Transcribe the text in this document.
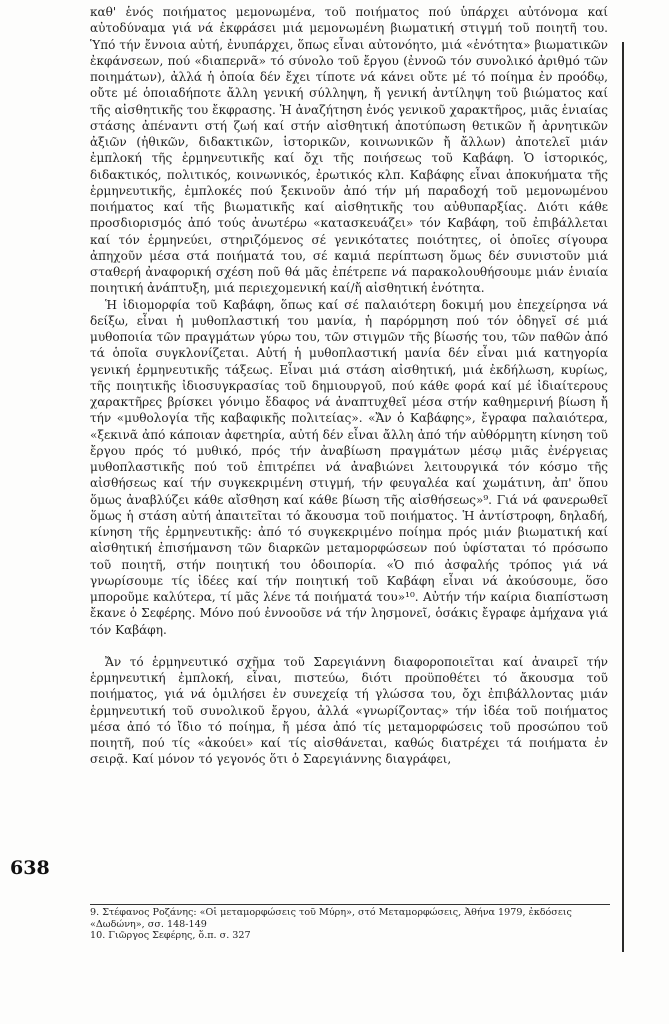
καθ' ἑνός ποιήματος μεμονωμένα, τοῦ ποιήματος πού ὑπάρχει αὐτόνομα καί αὐτοδύναμα γιά νά ἐκφράσει μιά μεμονωμένη βιωματική στιγμή τοῦ ποιητῆ του. Ὑπό τήν ἔννοια αὐτή, ἐνυπάρχει, ὅπως εἶναι αὐτονόητο, μιά «ἑνότητα» βιωματικῶν ἐκφάνσεων, πού «διαπερνᾶ» τό σύνολο τοῦ ἔργου (ἐννοῶ τόν συνολικό ἀριθμό τῶν ποιημάτων), ἀλλά ἡ ὁποία δέν ἔχει τίποτε νά κάνει οὔτε μέ τό ποίημα ἐν προόδῳ, οὔτε μέ ὁποιαδήποτε ἄλλη γενική σύλληψη, ἤ γενική ἀντίληψη τοῦ βιώματος καί τῆς αἰσθητικῆς του ἔκφρασης. Ἡ ἀναζήτηση ἑνός γενικοῦ χαρακτῆρος, μιᾶς ἑνιαίας στάσης ἀπέναντι στή ζωή καί στήν αἰσθητική ἀποτύπωση θετικῶν ἤ ἀρνητικῶν ἀξιῶν (ἠθικῶν, διδακτικῶν, ἱστορικῶν, κοινωνικῶν ἤ ἄλλων) ἀποτελεῖ μιάν ἐμπλοκή τῆς ἑρμηνευτικῆς καί ὄχι τῆς ποιήσεως τοῦ Καβάφη. Ὁ ἱστορικός, διδακτικός, πολιτικός, κοινωνικός, ἐρωτικός κλπ. Καβάφης εἶναι ἀποκυήματα τῆς ἑρμηνευτικῆς, ἐμπλοκές πού ξεκινοῦν ἀπό τήν μή παραδοχή τοῦ μεμονωμένου ποιήματος καί τῆς βιωματικῆς καί αἰσθητικῆς του αὐθυπαρξίας. Διότι κάθε προσδιορισμός ἀπό τούς ἀνωτέρω «κατασκευάζει» τόν Καβάφη, τοῦ ἐπιβάλλεται καί τόν ἑρμηνεύει, στηριζόμενος σέ γενικότατες ποιότητες, οἱ ὁποῖες σίγουρα ἀπηχοῦν μέσα στά ποιήματά του, σέ καμιά περίπτωση ὅμως δέν συνιστοῦν μιά σταθερή ἀναφορική σχέση ποῦ θά μᾶς ἐπέτρεπε νά παρακολουθήσουμε μιάν ἑνιαία ποιητική ἀνάπτυξη, μιά περιεχομενική καί/ἤ αἰσθητική ἑνότητα.

Ἡ ἰδιομορφία τοῦ Καβάφη, ὅπως καί σέ παλαιότερη δοκιμή μου ἐπεχείρησα νά δείξω, εἶναι ἡ μυθοπλαστική του μανία, ἡ παρόρμηση πού τόν ὁδηγεῖ σέ μιά μυθοποιία τῶν πραγμάτων γύρω του, τῶν στιγμῶν τῆς βίωσής του, τῶν παθῶν ἀπό τά ὁποῖα συγκλονίζεται. Αὐτή ἡ μυθοπλαστική μανία δέν εἶναι μιά κατηγορία γενική ἑρμηνευτικῆς τάξεως. Εἶναι μιά στάση αἰσθητική, μιά ἐκδήλωση, κυρίως, τῆς ποιητικῆς ἰδιοσυγκρασίας τοῦ δημιουργοῦ, πού κάθε φορά καί μέ ἰδιαίτερους χαρακτῆρες βρίσκει γόνιμο ἔδαφος νά ἀναπτυχθεῖ μέσα στήν καθημερινή βίωση ἤ τήν «μυθολογία τῆς καβαφικῆς πολιτείας». «Ἄν ὁ Καβάφης», ἔγραφα παλαιότερα, «ξεκινᾶ ἀπό κάποιαν ἀφετηρία, αὐτή δέν εἶναι ἄλλη ἀπό τήν αὐθόρμητη κίνηση τοῦ ἔργου πρός τό μυθικό, πρός τήν ἀναβίωση πραγμάτων μέσῳ μιᾶς ἐνέργειας μυθοπλαστικῆς πού τοῦ ἐπιτρέπει νά ἀναβιώνει λειτουργικά τόν κόσμο τῆς αἰσθήσεως καί τήν συγκεκριμένη στιγμή, τήν φευγαλέα καί χωμάτινη, ἀπ' ὅπου ὅμως ἀναβλύζει κάθε αἴσθηση καί κάθε βίωση τῆς αἰσθήσεως»⁹. Γιά νά φανερωθεῖ ὅμως ἡ στάση αὐτή ἀπαιτεῖται τό ἄκουσμα τοῦ ποιήματος. Ἡ ἀντίστροφη, δηλαδή, κίνηση τῆς ἑρμηνευτικῆς: ἀπό τό συγκεκριμένο ποίημα πρός μιάν βιωματική καί αἰσθητική ἐπισήμανση τῶν διαρκῶν μεταμορφώσεων πού ὑφίσταται τό πρόσωπο τοῦ ποιητῆ, στήν ποιητική του ὁδοιπορία. «Ὁ πιό ἀσφαλής τρόπος γιά νά γνωρίσουμε τίς ἰδέες καί τήν ποιητική τοῦ Καβάφη εἶναι νά ἀκούσουμε, ὅσο μποροῦμε καλύτερα, τί μᾶς λένε τά ποιήματά του»¹⁰. Αὐτήν τήν καίρια διαπίστωση ἔκανε ὁ Σεφέρης. Μόνο πού ἐννοοῦσε νά τήν λησμονεῖ, ὁσάκις ἔγραφε ἀμήχανα γιά τόν Καβάφη.

Ἄν τό ἑρμηνευτικό σχῆμα τοῦ Σαρεγιάννη διαφοροποιεῖται καί ἀναιρεῖ τήν ἑρμηνευτική ἐμπλοκή, εἶναι, πιστεύω, διότι προϋποθέτει τό ἄκουσμα τοῦ ποιήματος, γιά νά ὁμιλήσει ἐν συνεχείᾳ τή γλώσσα του, ὄχι ἐπιβάλλοντας μιάν ἑρμηνευτική τοῦ συνολικοῦ ἔργου, ἀλλά «γνωρίζοντας» τήν ἰδέα τοῦ ποιήματος μέσα ἀπό τό ἴδιο τό ποίημα, ἤ μέσα ἀπό τίς μεταμορφώσεις τοῦ προσώπου τοῦ ποιητῆ, πού τίς «ἀκούει» καί τίς αἰσθάνεται, καθώς διατρέχει τά ποιήματα ἐν σειρᾷ. Καί μόνον τό γεγονός ὅτι ὁ Σαρεγιάννης διαγράφει,

638

9. Στέφανος Ροζάνης: «Οἱ μεταμορφώσεις τοῦ Μύρη», στό Μεταμορφώσεις, Ἀθήνα 1979, ἐκδόσεις «Δωδώνη», σσ. 148-149

10. Γιῶργος Σεφέρης, ὅ.π. σ. 327
